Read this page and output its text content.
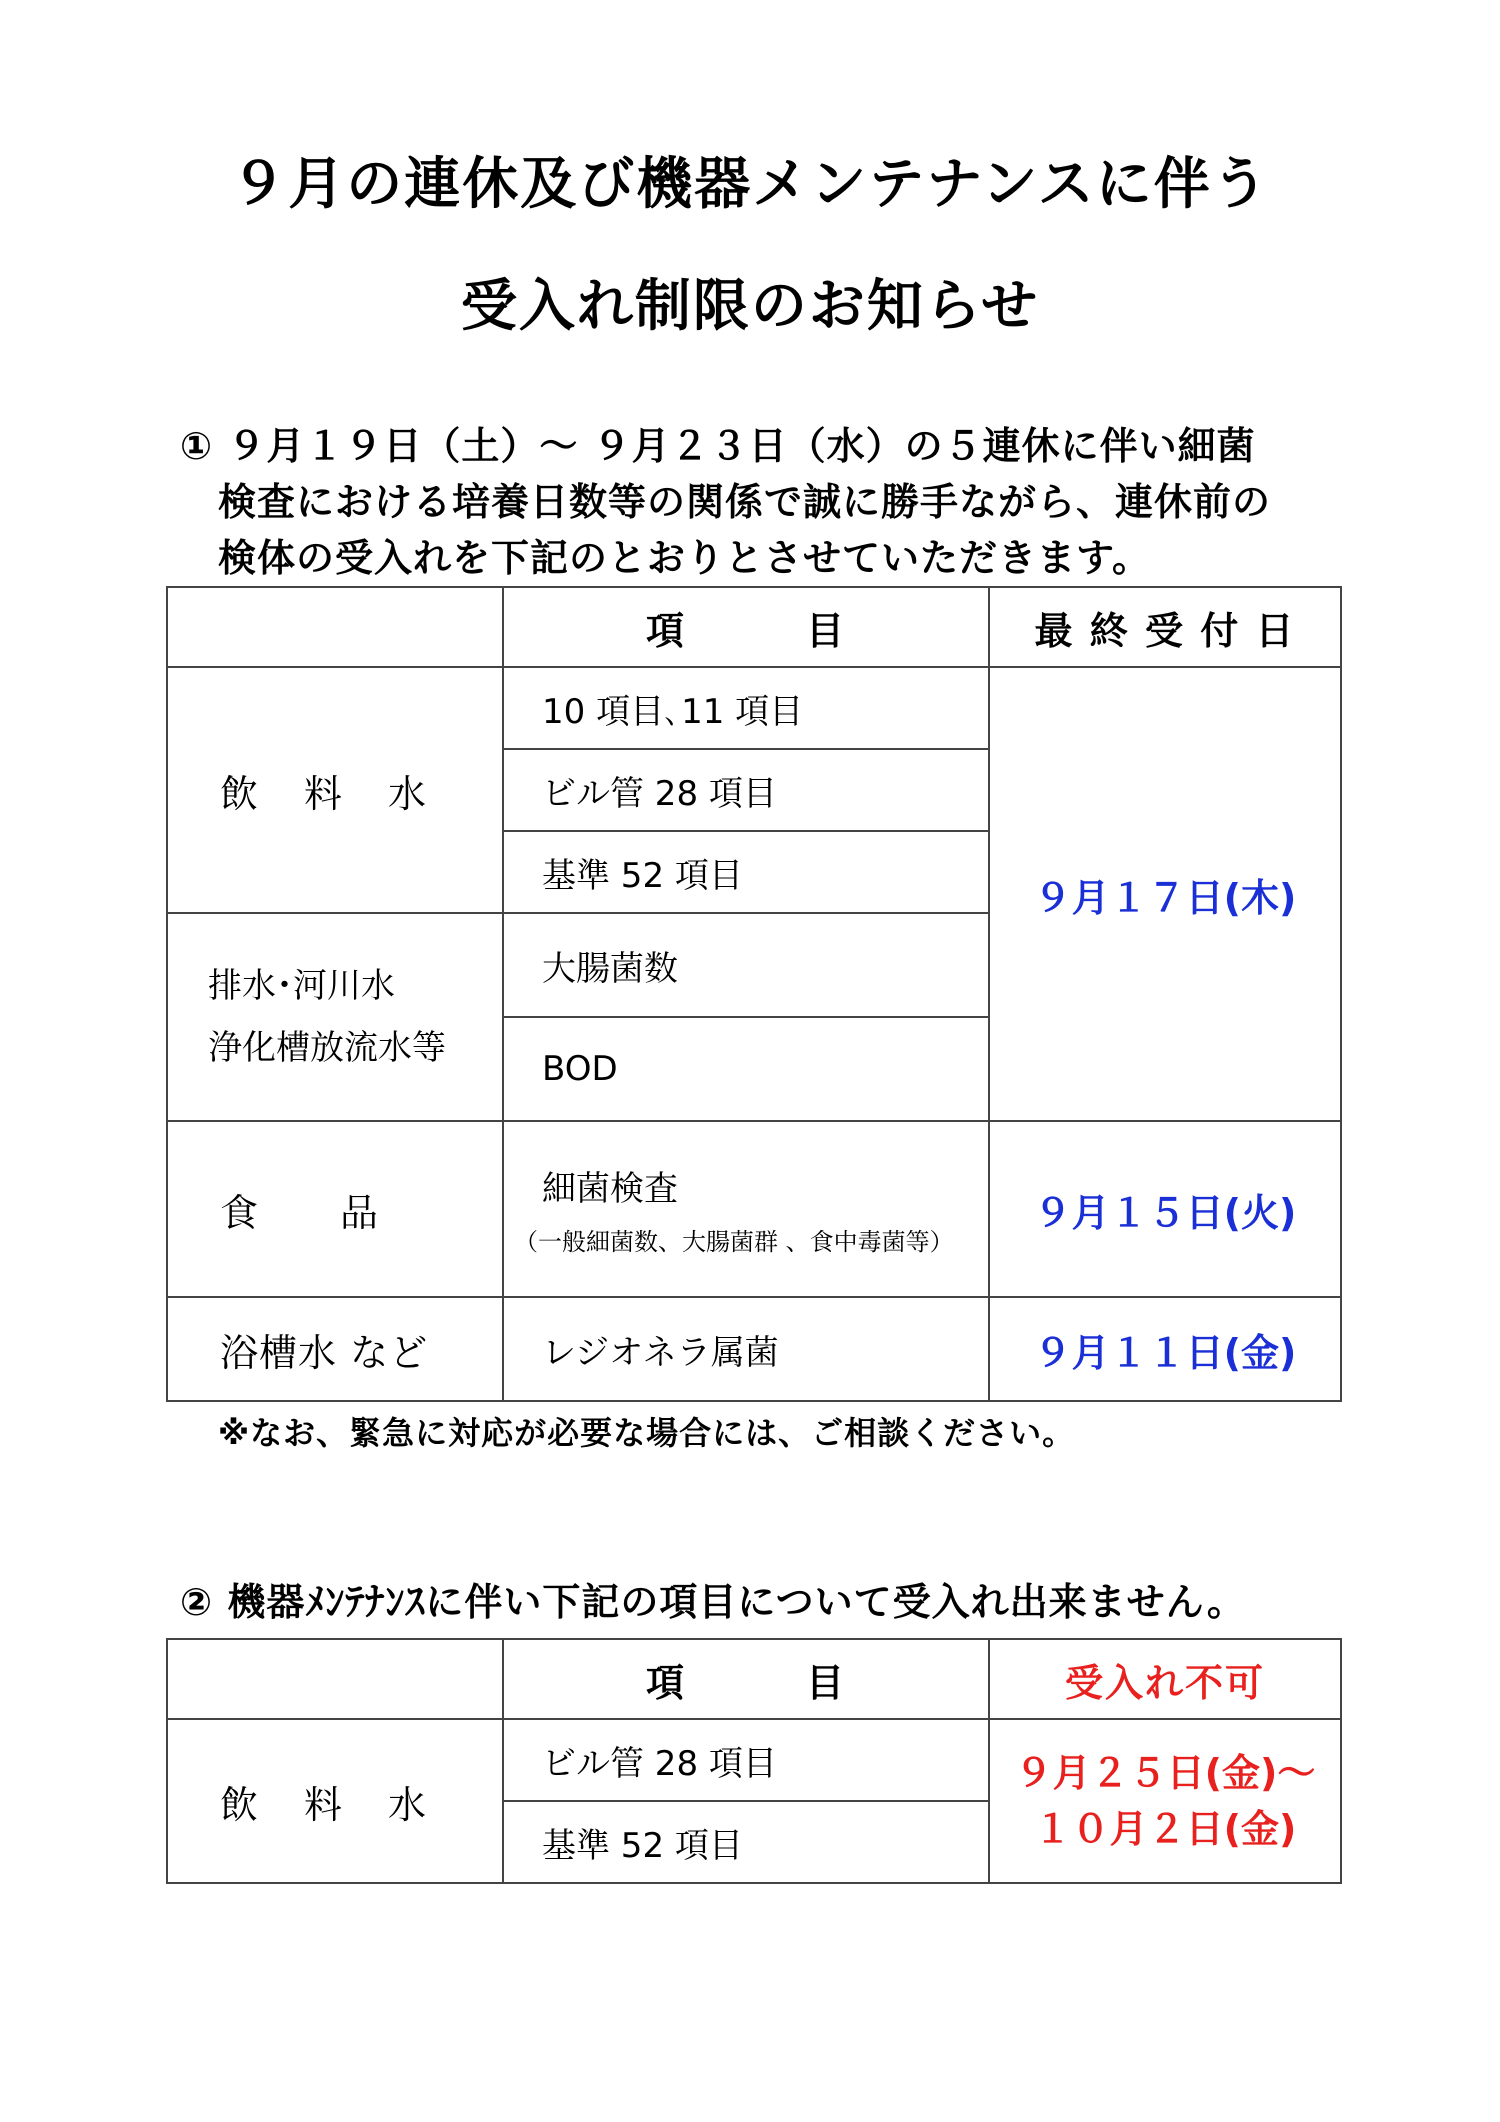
９月の連休及び機器メンテナンスに伴う
受入れ制限のお知らせ
① ９月１９日（土）～ ９月２３日（水）の５連休に伴い細菌
検査における培養日数等の関係で誠に勝手ながら、連休前の
検体の受入れを下記のとおりとさせていただきます。
	項　　　目	最 終 受 付 日
飲　料　水	10 項目､11 項目	９月１７日(木)
	ビル管 28 項目	
	基準 52 項目	

排水･河川水
浄化槽放流水等	大腸菌数	
	BOD	
食　　品	細菌検査
（一般細菌数、大腸菌群 、食中毒菌等）	９月１５日(火)
浴槽水 など	レジオネラ属菌	９月１１日(金)
※なお、緊急に対応が必要な場合には、ご相談ください。
② 機器ﾒﾝﾃﾅﾝｽに伴い下記の項目について受入れ出来ません。
	項　　　目	受入れ不可
飲　料　水	ビル管 28 項目	９月２５日(金)～
１０月２日(金)

	基準 52 項目	
